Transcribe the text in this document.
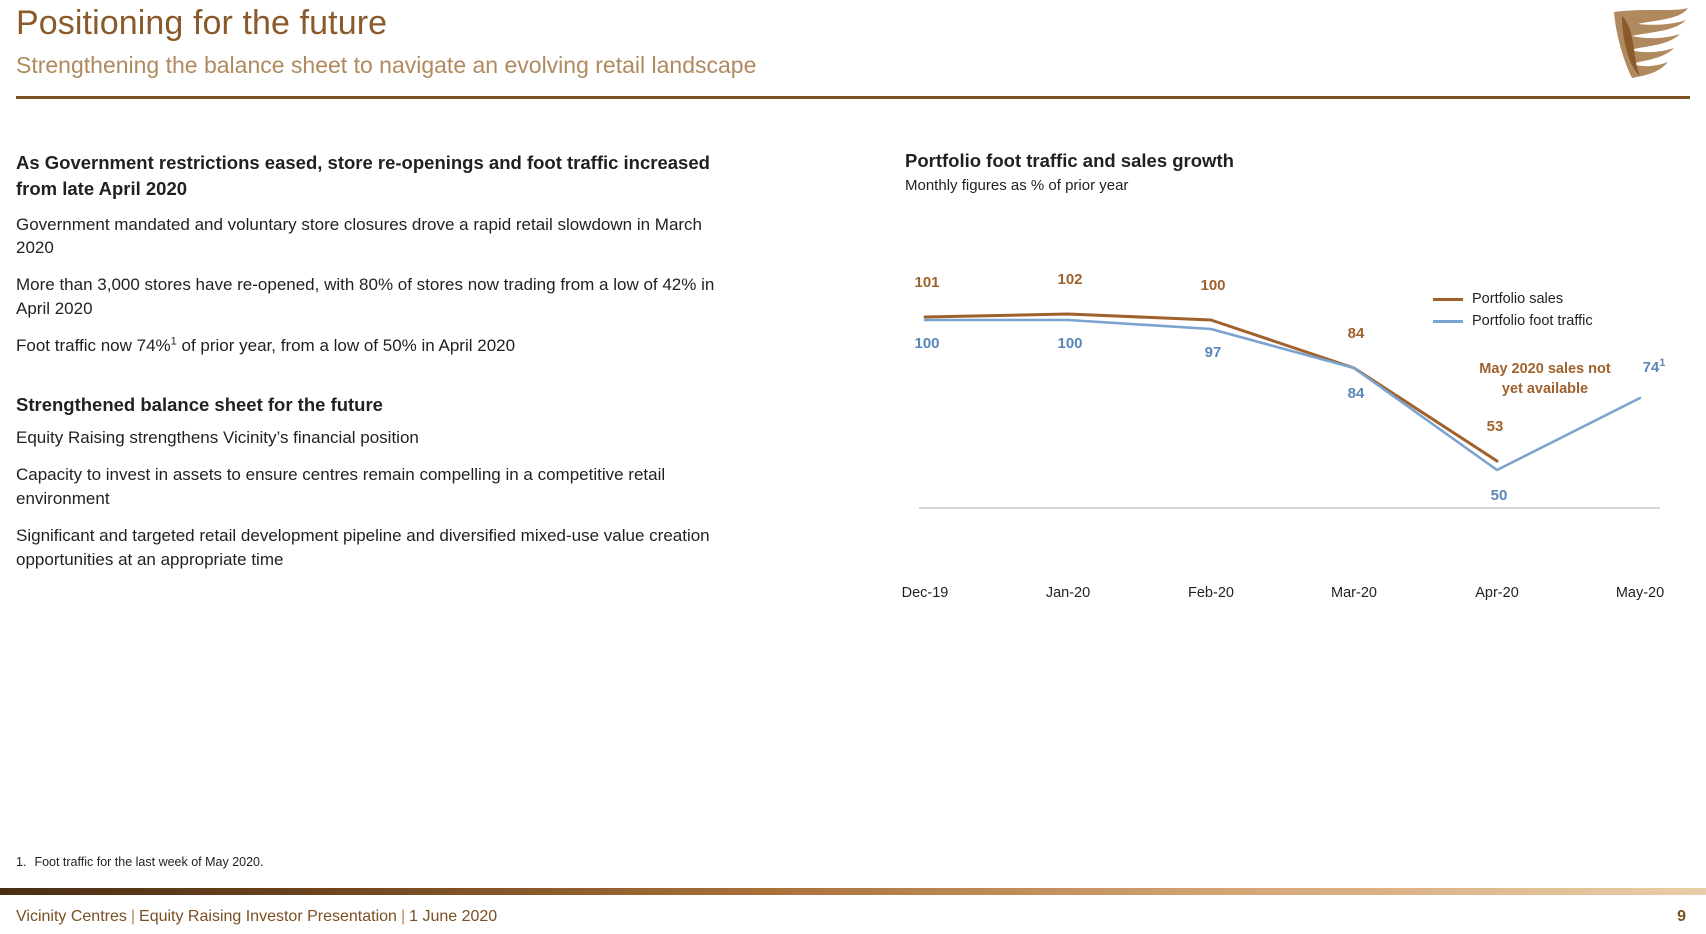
Positioning for the future
Strengthening the balance sheet to navigate an evolving retail landscape
As Government restrictions eased, store re-openings and foot traffic increased from late April 2020
Government mandated and voluntary store closures drove a rapid retail slowdown in March 2020
More than 3,000 stores have re-opened, with 80% of stores now trading from a low of 42% in April 2020
Foot traffic now 74%$^1$ of prior year, from a low of 50% in April 2020
Strengthened balance sheet for the future
Equity Raising strengthens Vicinity’s financial position
Capacity to invest in assets to ensure centres remain compelling in a competitive retail environment
Significant and targeted retail development pipeline and diversified mixed-use value creation opportunities at an appropriate time
Portfolio foot traffic and sales growth
Monthly figures as % of prior year
Portfolio sales
Portfolio foot traffic
May 2020 sales not yet available
101	102	100
84
53
100	100
97
84
50
$74^1$
Dec-19	Jan-20	Feb-20	Mar-20	Apr-20	May-20
1. Foot traffic for the last week of May 2020.
Vicinity Centres | Equity Raising Investor Presentation | 1 June 2020	9
